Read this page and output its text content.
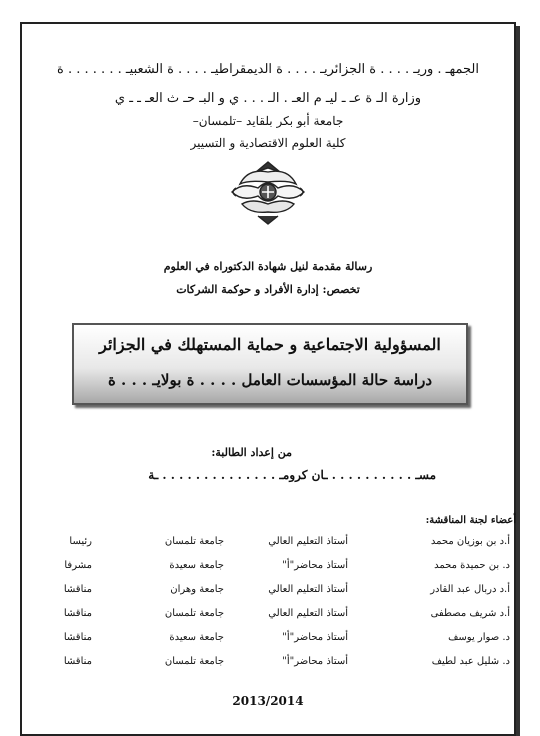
الجمهـ . وريـ . . . . ة الجزائريـ . . . . ة الديمقراطيـ . . . . ة الشعبيـ . . . . . . . ة
وزارة الـ ة عـ ـ ليـ م العـ . الـ . . . ي و البـ حـ ث العـ ـ ـ ي
جامعة أبو بكر بلقايد –تلمسان–
كلية العلوم الاقتصادية و التسيير
رسالة مقدمة لنيل شهادة الدكتوراه في العلوم
تخصص: إدارة الأفراد و حوكمة الشركات
المسؤولية الاجتماعية و حماية المستهلك في الجزائر
دراسة حالة المؤسسات العامل . . . . ة بولايـ . . . ة
من إعداد الطالبة:
مسـ . . . . . . . . . . ـان كرومـ . . . . . . . . . . . . . . ـة
أعضاء لجنة المناقشة:
أ.د بن بوزيان محمد
أستاذ التعليم العالي
جامعة تلمسان
رئيسا
د. بن حميدة محمد
أستاذ محاضر"أ"
جامعة سعيدة
مشرفا
أ.د دربال عبد القادر
أستاذ التعليم العالي
جامعة وهران
مناقشا
أ.د شريف مصطفى
أستاذ التعليم العالي
جامعة تلمسان
مناقشا
د. صوار يوسف
أستاذ محاضر"أ"
جامعة سعيدة
مناقشا
د. شليل عبد لطيف
أستاذ محاضر"أ"
جامعة تلمسان
مناقشا
2013/2014
